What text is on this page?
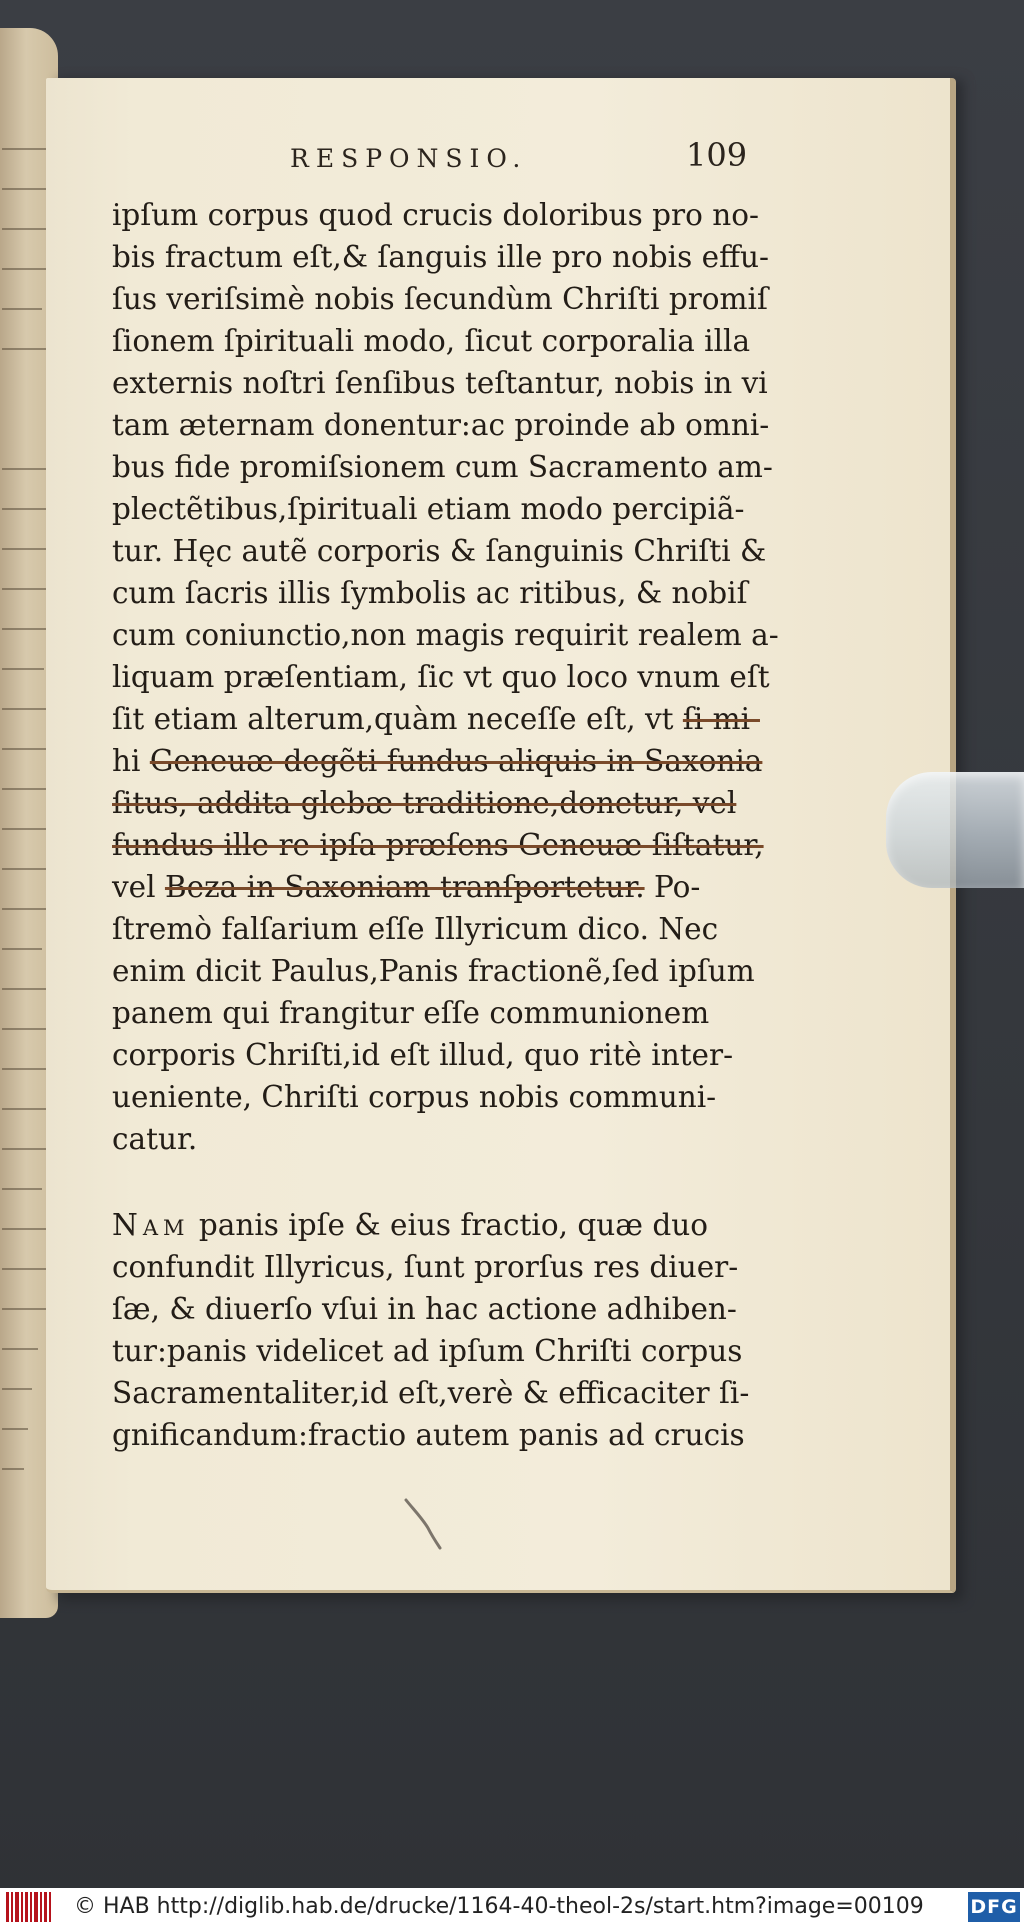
RESPONSIO.	109
ipſum corpus quod crucis doloribus pro no-
bis fractum eſt,& ſanguis ille pro nobis effu-
ſus veriſsimè nobis ſecundùm Chriſti promiſ
ſionem ſpirituali modo, ſicut corporalia illa
externis noſtri ſenſibus teſtantur, nobis in vi
tam æternam donentur:ac proinde ab omni-
bus fide promiſsionem cum Sacramento am-
plectẽtibus,ſpirituali etiam modo percipiã-
tur. Hęc autẽ corporis & ſanguinis Chriſti &
cum ſacris illis ſymbolis ac ritibus, & nobiſ
cum coniunctio,non magis requirit realem a-
liquam præſentiam, ſic vt quo loco vnum eſt
ſit etiam alterum,quàm neceſſe eſt, vt ſi mi-
hi Geneuæ degẽti fundus aliquis in Saxonia
ſitus, addita glebæ traditione,donetur, vel
fundus ille re ipſa præſens Geneuæ ſiſtatur,
vel Beza in Saxoniam tranſportetur. Po-
ſtremò falſarium eſſe Illyricum dico. Nec
enim dicit Paulus,Panis fractionẽ,ſed ipſum
panem qui frangitur eſſe communionem
corporis Chriſti,id eſt illud, quo ritè inter-
ueniente, Chriſti corpus nobis communi-
catur.
Nam panis ipſe & eius fractio, quæ duo
confundit Illyricus, ſunt prorſus res diuer-
ſæ, & diuerſo vſui in hac actione adhiben-
tur:panis videlicet ad ipſum Chriſti corpus
Sacramentaliter,id eſt,verè & efficaciter ſi-
gnificandum:fractio autem panis ad crucis
© HAB http://diglib.hab.de/drucke/1164-40-theol-2s/start.htm?image=00109 DFG
